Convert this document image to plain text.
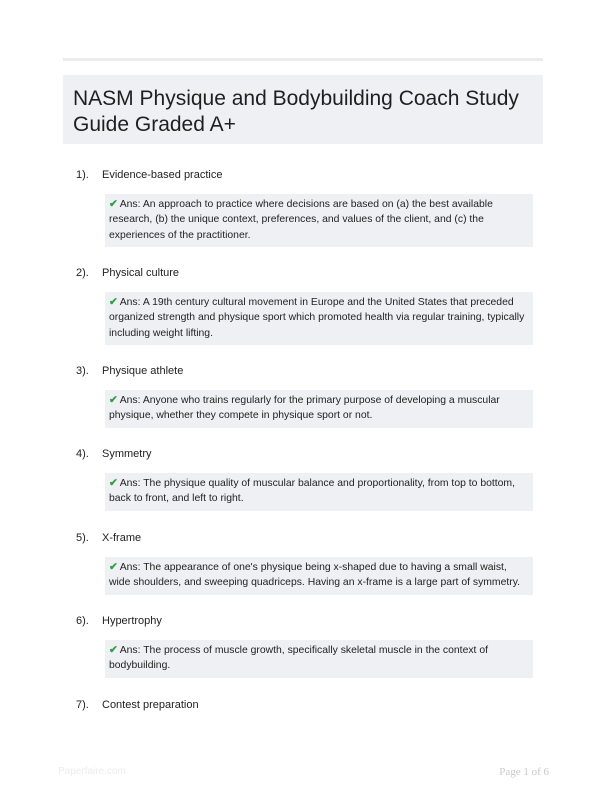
NASM Physique and Bodybuilding Coach Study Guide Graded A+
1). Evidence-based practice
✔ Ans: An approach to practice where decisions are based on (a) the best available research, (b) the unique context, preferences, and values of the client, and (c) the experiences of the practitioner.
2). Physical culture
✔ Ans: A 19th century cultural movement in Europe and the United States that preceded organized strength and physique sport which promoted health via regular training, typically including weight lifting.
3). Physique athlete
✔ Ans: Anyone who trains regularly for the primary purpose of developing a muscular physique, whether they compete in physique sport or not.
4). Symmetry
✔ Ans: The physique quality of muscular balance and proportionality, from top to bottom, back to front, and left to right.
5). X-frame
✔ Ans: The appearance of one's physique being x-shaped due to having a small waist, wide shoulders, and sweeping quadriceps. Having an x-frame is a large part of symmetry.
6). Hypertrophy
✔ Ans: The process of muscle growth, specifically skeletal muscle in the context of bodybuilding.
7). Contest preparation
Paperfaire.com	Page 1 of 6
